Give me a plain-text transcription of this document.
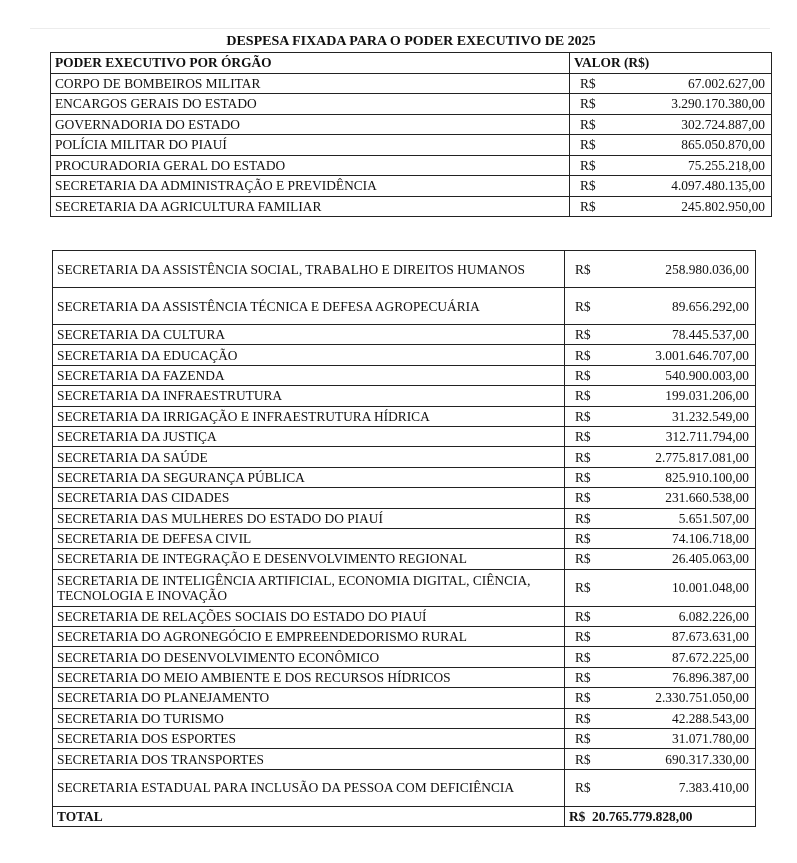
DESPESA FIXADA PARA O PODER EXECUTIVO DE 2025
PODER EXECUTIVO POR ÓRGÃO	VALOR (R$)
CORPO DE BOMBEIROS MILITAR	R$ 67.002.627,00

ENCARGOS GERAIS DO ESTADO	R$ 3.290.170.380,00

GOVERNADORIA DO ESTADO	R$ 302.724.887,00

POLÍCIA MILITAR DO PIAUÍ	R$ 865.050.870,00

PROCURADORIA GERAL DO ESTADO	R$ 75.255.218,00

SECRETARIA DA ADMINISTRAÇÃO E PREVIDÊNCIA	R$ 4.097.480.135,00

SECRETARIA DA AGRICULTURA FAMILIAR	R$ 245.802.950,00
SECRETARIA DA ASSISTÊNCIA SOCIAL, TRABALHO E DIREITOS HUMANOS	R$ 258.980.036,00

SECRETARIA DA ASSISTÊNCIA TÉCNICA E DEFESA AGROPECUÁRIA	R$ 89.656.292,00

SECRETARIA DA CULTURA	R$ 78.445.537,00

SECRETARIA DA EDUCAÇÃO	R$ 3.001.646.707,00

SECRETARIA DA FAZENDA	R$ 540.900.003,00

SECRETARIA DA INFRAESTRUTURA	R$ 199.031.206,00

SECRETARIA DA IRRIGAÇÃO E INFRAESTRUTURA HÍDRICA	R$ 31.232.549,00

SECRETARIA DA JUSTIÇA	R$ 312.711.794,00

SECRETARIA DA SAÚDE	R$ 2.775.817.081,00

SECRETARIA DA SEGURANÇA PÚBLICA	R$ 825.910.100,00

SECRETARIA DAS CIDADES	R$ 231.660.538,00

SECRETARIA DAS MULHERES DO ESTADO DO PIAUÍ	R$ 5.651.507,00

SECRETARIA DE DEFESA CIVIL	R$ 74.106.718,00

SECRETARIA DE INTEGRAÇÃO E DESENVOLVIMENTO REGIONAL	R$ 26.405.063,00

SECRETARIA DE INTELIGÊNCIA ARTIFICIAL, ECONOMIA DIGITAL, CIÊNCIA, TECNOLOGIA E INOVAÇÃO	R$ 10.001.048,00

SECRETARIA DE RELAÇÕES SOCIAIS DO ESTADO DO PIAUÍ	R$ 6.082.226,00

SECRETARIA DO AGRONEGÓCIO E EMPREENDEDORISMO RURAL	R$ 87.673.631,00

SECRETARIA DO DESENVOLVIMENTO ECONÔMICO	R$ 87.672.225,00

SECRETARIA DO MEIO AMBIENTE E DOS RECURSOS HÍDRICOS	R$ 76.896.387,00

SECRETARIA DO PLANEJAMENTO	R$ 2.330.751.050,00

SECRETARIA DO TURISMO	R$ 42.288.543,00

SECRETARIA DOS ESPORTES	R$ 31.071.780,00

SECRETARIA DOS TRANSPORTES	R$ 690.317.330,00

SECRETARIA ESTADUAL PARA INCLUSÃO DA PESSOA COM DEFICIÊNCIA	R$ 7.383.410,00

TOTAL	R$  20.765.779.828,00
